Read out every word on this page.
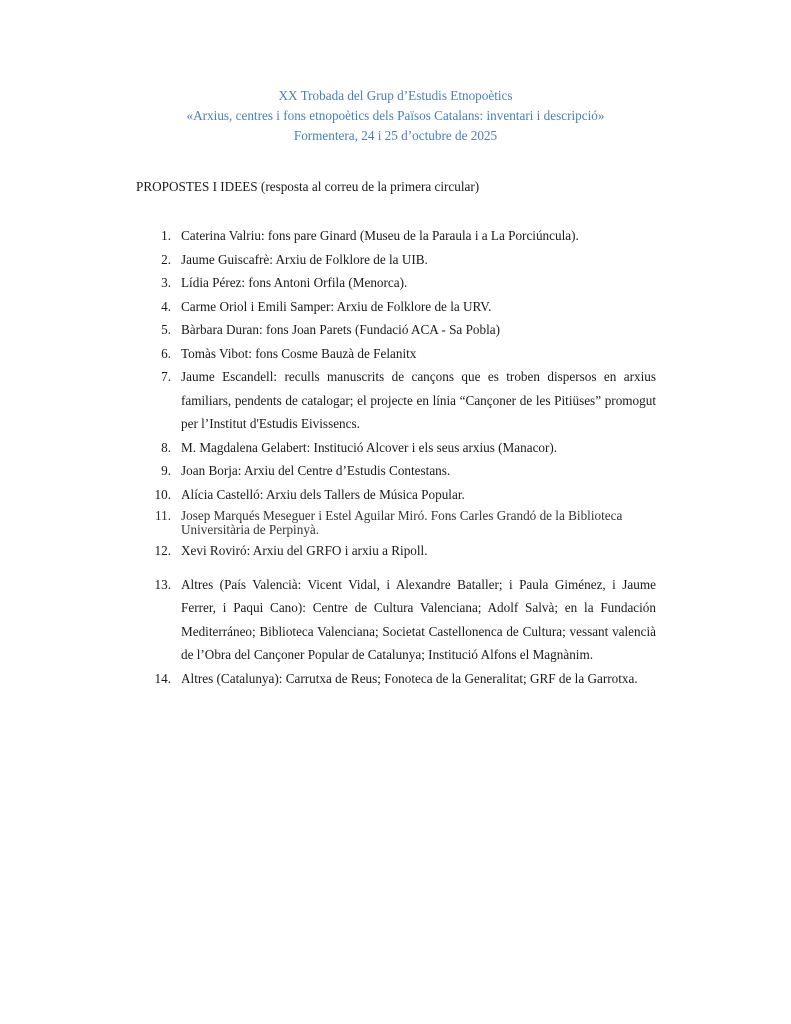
XX Trobada del Grup d’Estudis Etnopoètics
«Arxius, centres i fons etnopoètics dels Països Catalans: inventari i descripció»
Formentera, 24 i 25 d’octubre de 2025
PROPOSTES I IDEES (resposta al correu de la primera circular)
1. Caterina Valriu: fons pare Ginard (Museu de la Paraula i a La Porciúncula).
2. Jaume Guiscafrè: Arxiu de Folklore de la UIB.
3. Lídia Pérez: fons Antoni Orfila (Menorca).
4. Carme Oriol i Emili Samper: Arxiu de Folklore de la URV.
5. Bàrbara Duran: fons Joan Parets (Fundació ACA - Sa Pobla)
6. Tomàs Vibot: fons Cosme Bauzà de Felanitx
7. Jaume Escandell: reculls manuscrits de cançons que es troben dispersos en arxius familiars, pendents de catalogar; el projecte en línia “Cançoner de les Pitiüses” promogut per l’Institut d'Estudis Eivissencs.
8. M. Magdalena Gelabert: Institució Alcover i els seus arxius (Manacor).
9. Joan Borja: Arxiu del Centre d’Estudis Contestans.
10. Alícia Castelló: Arxiu dels Tallers de Música Popular.
11. Josep Marqués Meseguer i Estel Aguilar Miró. Fons Carles Grandó de la Biblioteca Universitària de Perpinyà.
12. Xevi Roviró: Arxiu del GRFO i arxiu a Ripoll.
13. Altres (País Valencià: Vicent Vidal, i Alexandre Bataller; i Paula Giménez, i Jaume Ferrer, i Paqui Cano): Centre de Cultura Valenciana; Adolf Salvà; en la Fundación Mediterráneo; Biblioteca Valenciana; Societat Castellonenca de Cultura; vessant valencià de l’Obra del Cançoner Popular de Catalunya; Institució Alfons el Magnànim.
14. Altres (Catalunya): Carrutxa de Reus; Fonoteca de la Generalitat; GRF de la Garrotxa.
